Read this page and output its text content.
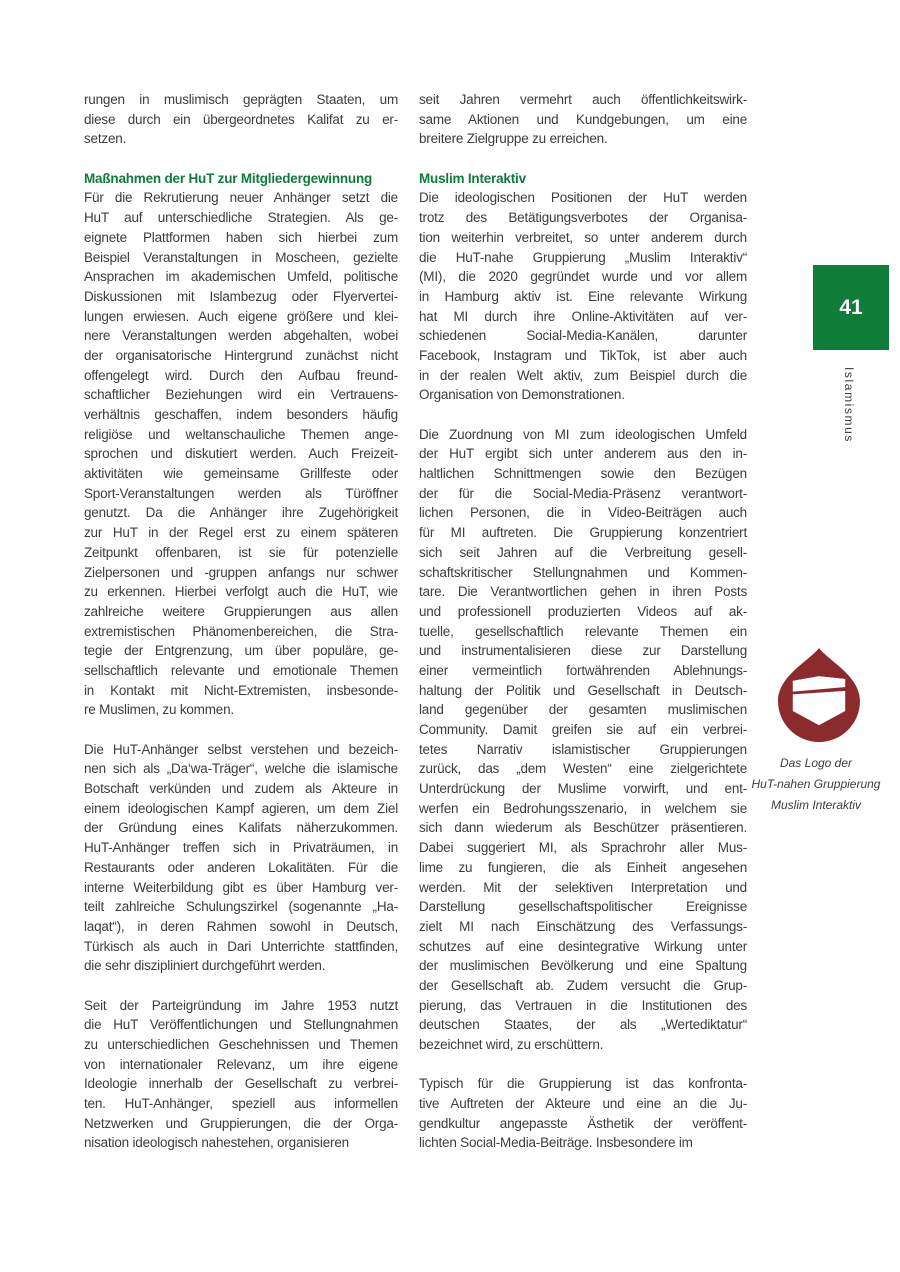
rungen in muslimisch geprägten Staaten, um
diese durch ein übergeordnetes Kalifat zu er-
setzen.
Maßnahmen der HuT zur Mitgliedergewinnung
Für die Rekrutierung neuer Anhänger setzt die
HuT auf unterschiedliche Strategien. Als ge-
eignete Plattformen haben sich hierbei zum
Beispiel Veranstaltungen in Moscheen, gezielte
Ansprachen im akademischen Umfeld, politische
Diskussionen mit Islambezug oder Flyervertei-
lungen erwiesen. Auch eigene größere und klei-
nere Veranstaltungen werden abgehalten, wobei
der organisatorische Hintergrund zunächst nicht
offengelegt wird. Durch den Aufbau freund-
schaftlicher Beziehungen wird ein Vertrauens-
verhältnis geschaffen, indem besonders häufig
religiöse und weltanschauliche Themen ange-
sprochen und diskutiert werden. Auch Freizeit-
aktivitäten wie gemeinsame Grillfeste oder
Sport-Veranstaltungen werden als Türöffner
genutzt. Da die Anhänger ihre Zugehörigkeit
zur HuT in der Regel erst zu einem späteren
Zeitpunkt offenbaren, ist sie für potenzielle
Zielpersonen und -gruppen anfangs nur schwer
zu erkennen. Hierbei verfolgt auch die HuT, wie
zahlreiche weitere Gruppierungen aus allen
extremistischen Phänomenbereichen, die Stra-
tegie der Entgrenzung, um über populäre, ge-
sellschaftlich relevante und emotionale Themen
in Kontakt mit Nicht-Extremisten, insbesonde-
re Muslimen, zu kommen.
Die HuT-Anhänger selbst verstehen und bezeich-
nen sich als „Da‘wa-Träger“, welche die islamische
Botschaft verkünden und zudem als Akteure in
einem ideologischen Kampf agieren, um dem Ziel
der Gründung eines Kalifats näherzukommen.
HuT-Anhänger treffen sich in Privaträumen, in
Restaurants oder anderen Lokalitäten. Für die
interne Weiterbildung gibt es über Hamburg ver-
teilt zahlreiche Schulungszirkel (sogenannte „Ha-
laqat“), in deren Rahmen sowohl in Deutsch,
Türkisch als auch in Dari Unterrichte stattfinden,
die sehr diszipliniert durchgeführt werden.
Seit der Parteigründung im Jahre 1953 nutzt
die HuT Veröffentlichungen und Stellungnahmen
zu unterschiedlichen Geschehnissen und Themen
von internationaler Relevanz, um ihre eigene
Ideologie innerhalb der Gesellschaft zu verbrei-
ten. HuT-Anhänger, speziell aus informellen
Netzwerken und Gruppierungen, die der Orga-
nisation ideologisch nahestehen, organisieren
seit Jahren vermehrt auch öffentlichkeitswirk-
same Aktionen und Kundgebungen, um eine
breitere Zielgruppe zu erreichen.
Muslim Interaktiv
Die ideologischen Positionen der HuT werden
trotz des Betätigungsverbotes der Organisa-
tion weiterhin verbreitet, so unter anderem durch
die HuT-nahe Gruppierung „Muslim Interaktiv“
(MI), die 2020 gegründet wurde und vor allem
in Hamburg aktiv ist. Eine relevante Wirkung
hat MI durch ihre Online-Aktivitäten auf ver-
schiedenen Social-Media-Kanälen, darunter
Facebook, Instagram und TikTok, ist aber auch
in der realen Welt aktiv, zum Beispiel durch die
Organisation von Demonstrationen.
Die Zuordnung von MI zum ideologischen Umfeld
der HuT ergibt sich unter anderem aus den in-
haltlichen Schnittmengen sowie den Bezügen
der für die Social-Media-Präsenz verantwort-
lichen Personen, die in Video-Beiträgen auch
für MI auftreten. Die Gruppierung konzentriert
sich seit Jahren auf die Verbreitung gesell-
schaftskritischer Stellungnahmen und Kommen-
tare. Die Verantwortlichen gehen in ihren Posts
und professionell produzierten Videos auf ak-
tuelle, gesellschaftlich relevante Themen ein
und instrumentalisieren diese zur Darstellung
einer vermeintlich fortwährenden Ablehnungs-
haltung der Politik und Gesellschaft in Deutsch-
land gegenüber der gesamten muslimischen
Community. Damit greifen sie auf ein verbrei-
tetes Narrativ islamistischer Gruppierungen
zurück, das „dem Westen“ eine zielgerichtete
Unterdrückung der Muslime vorwirft, und ent-
werfen ein Bedrohungsszenario, in welchem sie
sich dann wiederum als Beschützer präsentieren.
Dabei suggeriert MI, als Sprachrohr aller Mus-
lime zu fungieren, die als Einheit angesehen
werden. Mit der selektiven Interpretation und
Darstellung gesellschaftspolitischer Ereignisse
zielt MI nach Einschätzung des Verfassungs-
schutzes auf eine desintegrative Wirkung unter
der muslimischen Bevölkerung und eine Spaltung
der Gesellschaft ab. Zudem versucht die Grup-
pierung, das Vertrauen in die Institutionen des
deutschen Staates, der als „Wertediktatur“
bezeichnet wird, zu erschüttern.
Typisch für die Gruppierung ist das konfronta-
tive Auftreten der Akteure und eine an die Ju-
gendkultur angepasste Ästhetik der veröffent-
lichten Social-Media-Beiträge. Insbesondere im
41
Islamismus
Das Logo der
HuT-nahen Gruppierung
Muslim Interaktiv
